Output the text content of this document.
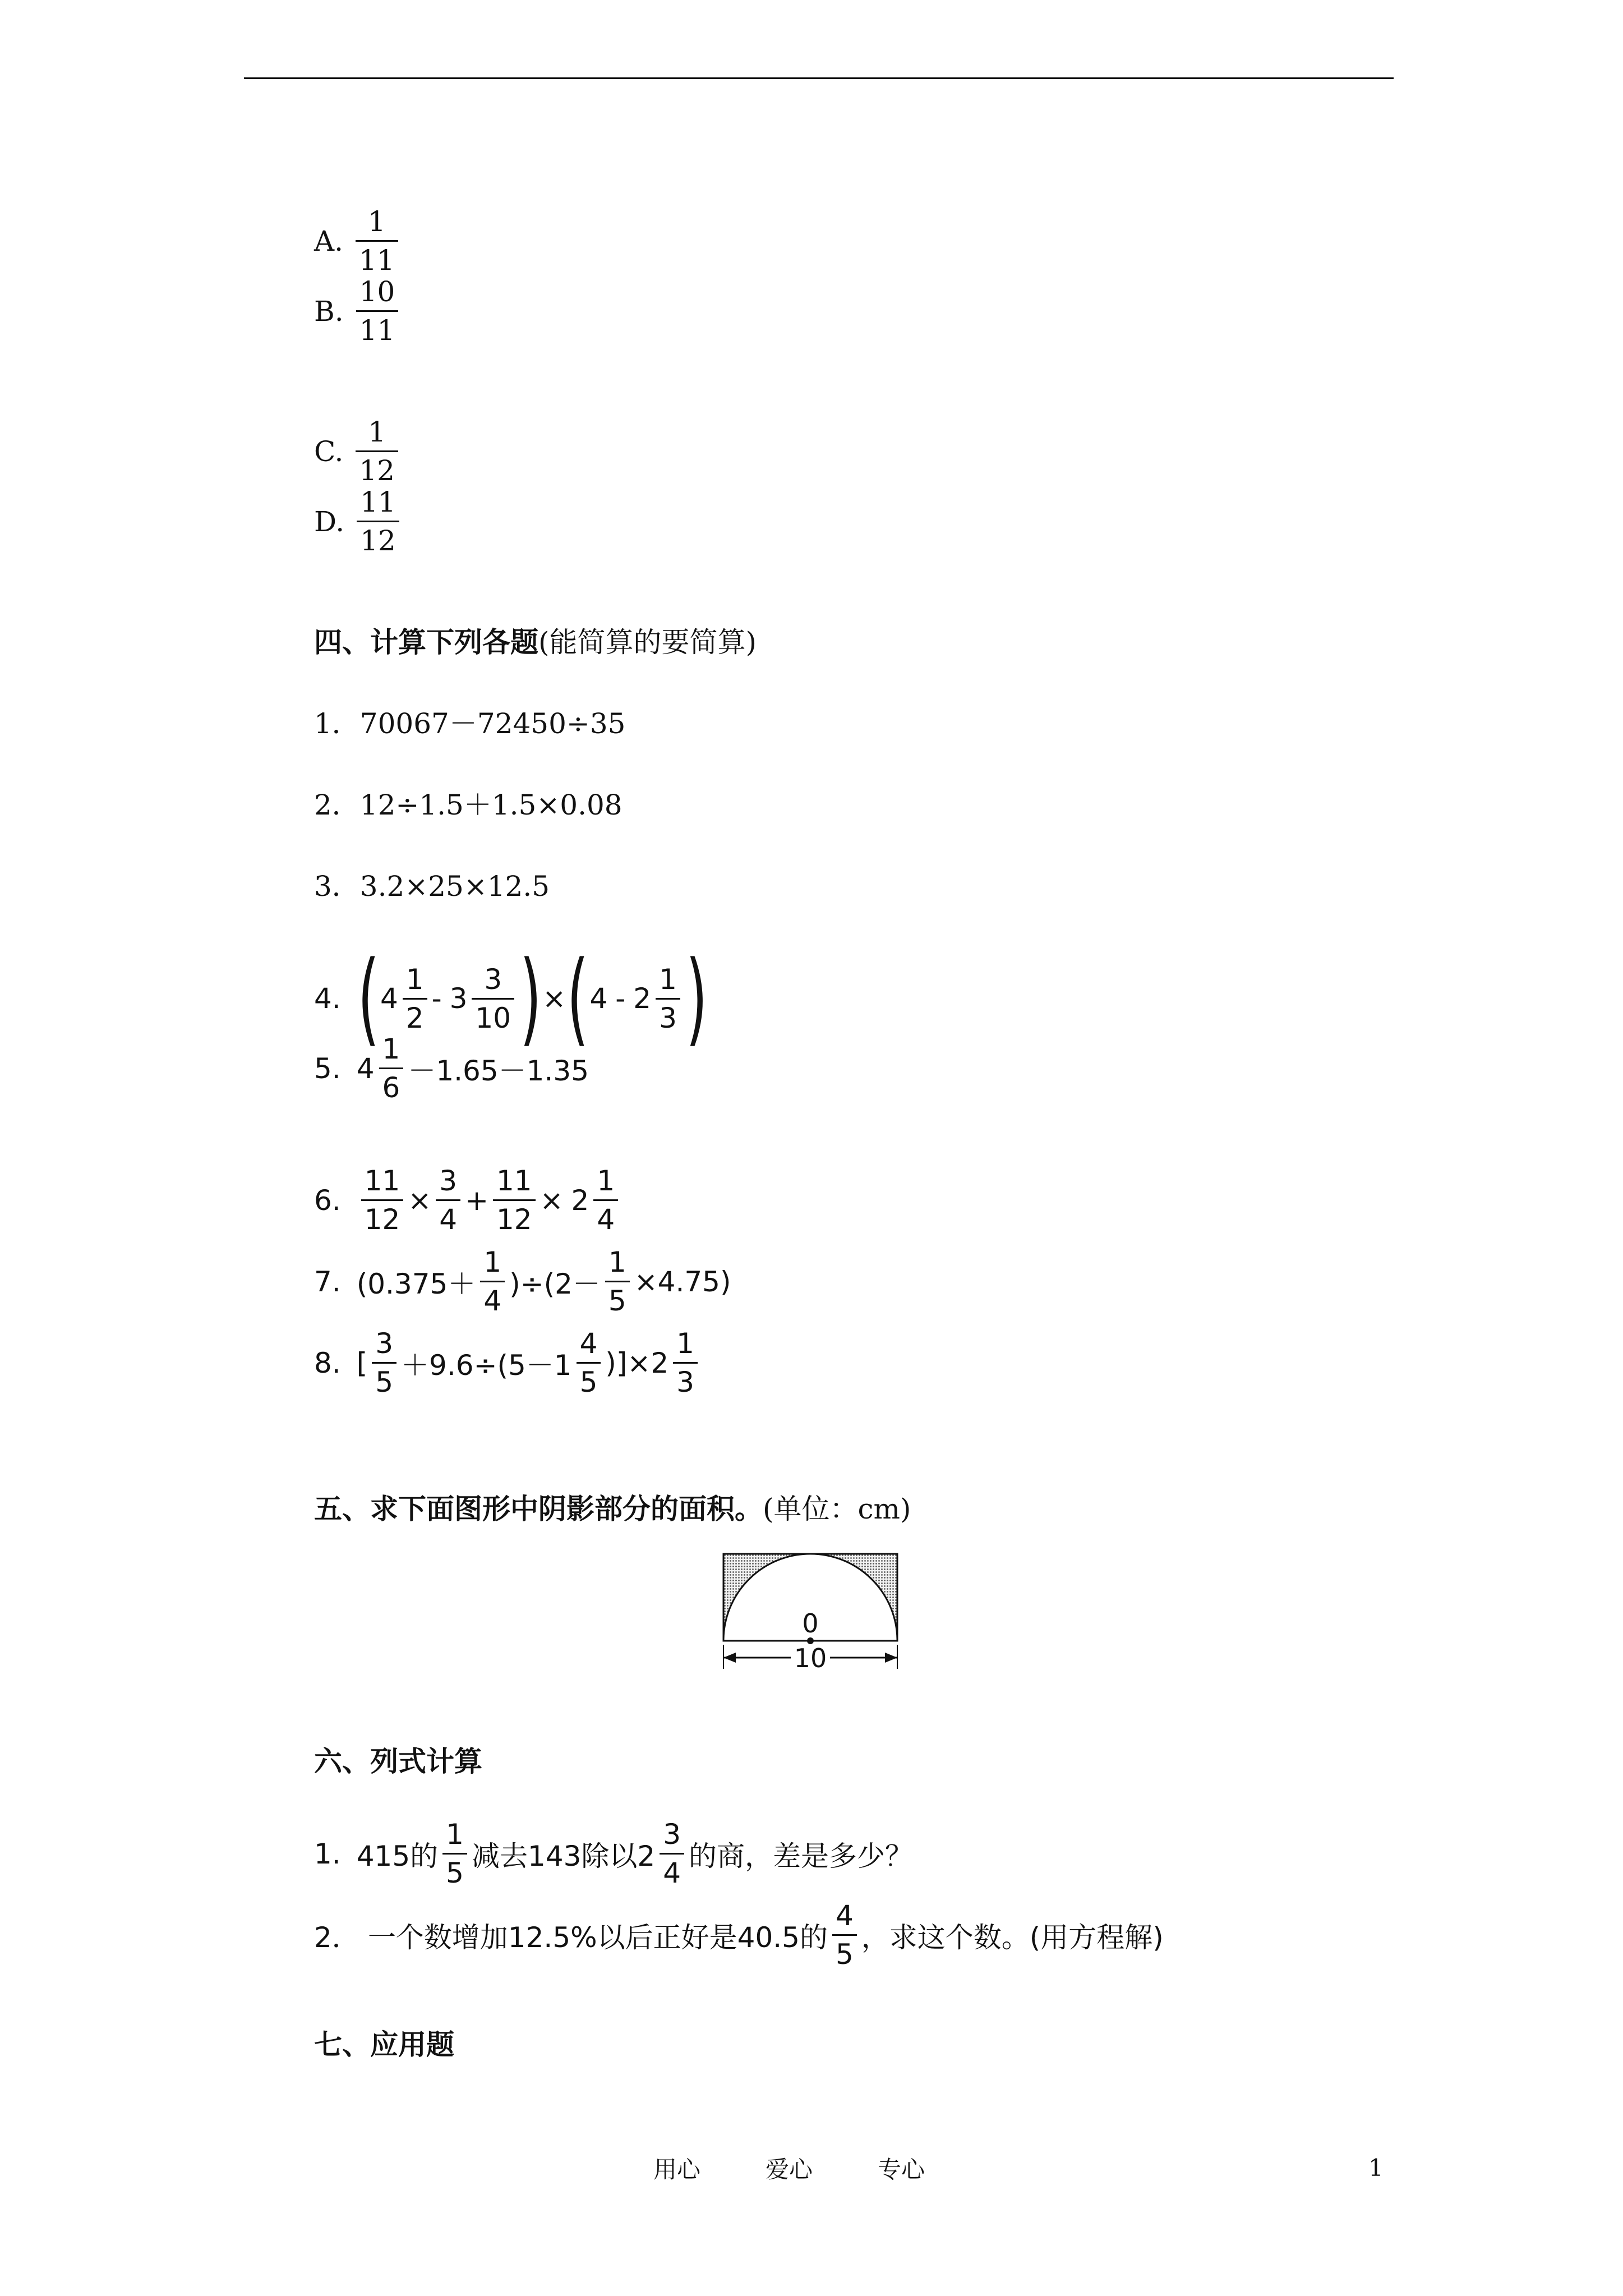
A. $\frac{1}{11}$
B. $\frac{10}{11}$
C. $\frac{1}{12}$
D. $\frac{11}{12}$
四、计算下列各题(能简算的要简算)
1．70067－72450÷35
2．12÷1.5＋1.5×0.08
3．3.2×25×12.5
4. ( $4 \frac{1}{2} - 3 \frac{3}{10}$ ) × ( $4 - 2 \frac{1}{3}$ )
5. $4 \frac{1}{6} -1.65-1.35$
6. $\frac{11}{12} \times \frac{3}{4} + \frac{11}{12} \times 2 \frac{1}{4}$
7. $(0.375+ \frac{1}{4} )\div(2- \frac{1}{5} \times 4.75)$
8. [ $\frac{3}{5} +9.6\div(5-1 \frac{4}{5} )]\times 2 \frac{1}{3}$
五、求下面图形中阴影部分的面积。(单位：cm)
0
10
六、列式计算
1. 415的 $\frac{1}{5}$ 减去143除以$2 \frac{3}{4}$ 的商，差是多少？
2． 一个数增加12.5%以后正好是40.5的 $\frac{4}{5}$ ，求这个数。(用方程解)
七、应用题
用心	爱心	专心	1
